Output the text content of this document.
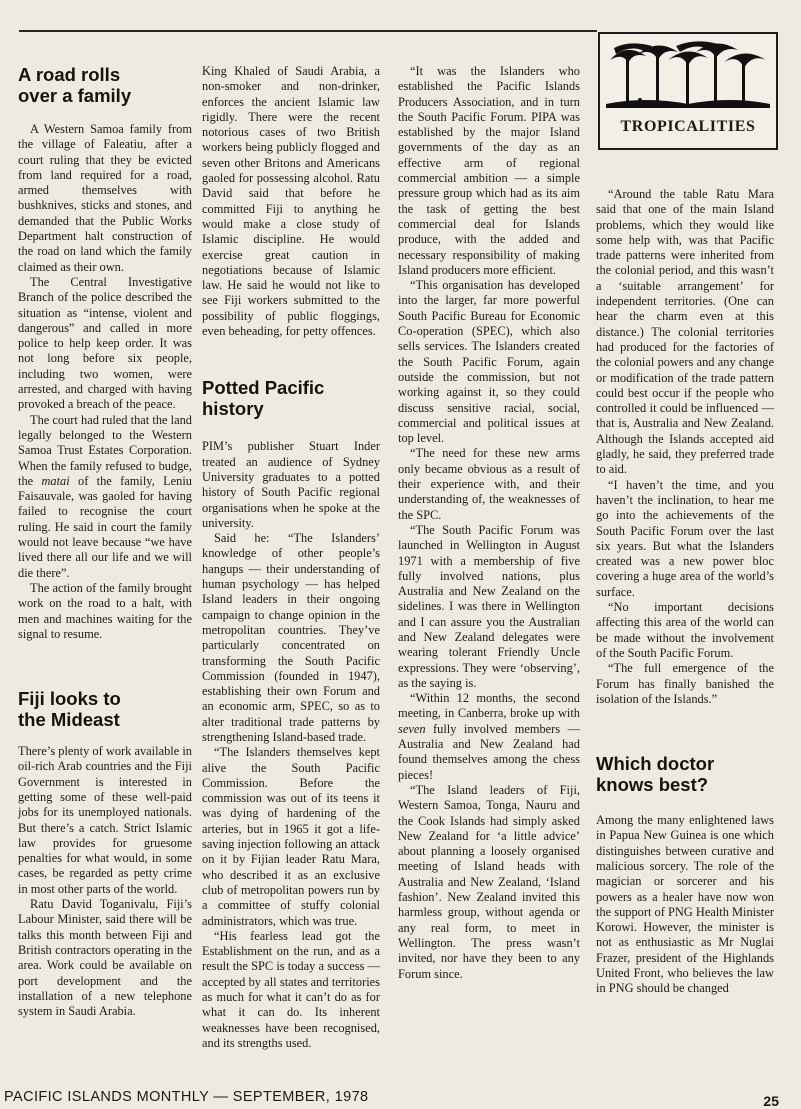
TROPICALITIES
A road rolls over a family

A Western Samoa family from the village of Faleatiu, after a court ruling that they be evicted from land required for a road, armed themselves with bushknives, sticks and stones, and demanded that the Public Works Department halt construction of the road on land which the family claimed as their own.

The Central Investigative Branch of the police described the situation as “intense, violent and dangerous” and called in more police to help keep order. It was not long before six people, including two women, were arrested, and charged with having provoked a breach of the peace.

The court had ruled that the land legally belonged to the Western Samoa Trust Estates Corporation. When the family refused to budge, the matai of the family, Leniu Faisauvale, was gaoled for having failed to recognise the court ruling. He said in court the family would not leave because “we have lived there all our life and we will die there”.

The action of the family brought work on the road to a halt, with men and machines waiting for the signal to resume.

Fiji looks to the Mideast

There’s plenty of work available in oil-rich Arab countries and the Fiji Government is interested in getting some of these well-paid jobs for its unemployed nationals. But there’s a catch. Strict Islamic law provides for gruesome penalties for what would, in some cases, be regarded as petty crime in most other parts of the world.

Ratu David Toganivalu, Fiji’s Labour Minister, said there will be talks this month between Fiji and British contractors operating in the area. Work could be available on port development and the installation of a new telephone system in Saudi Arabia.

King Khaled of Saudi Arabia, a non-smoker and non-drinker, enforces the ancient Islamic law rigidly. There were the recent notorious cases of two British workers being publicly flogged and seven other Britons and Americans gaoled for possessing alcohol. Ratu David said that before he committed Fiji to anything he would make a close study of Islamic discipline. He would exercise great caution in negotiations because of Islamic law. He said he would not like to see Fiji workers submitted to the possibility of public floggings, even beheading, for petty offences.

Potted Pacific history

PIM’s publisher Stuart Inder treated an audience of Sydney University graduates to a potted history of South Pacific regional organisations when he spoke at the university.

Said he: “The Islanders’ knowledge of other people’s hangups — their understanding of human psychology — has helped Island leaders in their ongoing campaign to change opinion in the metropolitan countries. They’ve particularly concentrated on transforming the South Pacific Commission (founded in 1947), establishing their own Forum and an economic arm, SPEC, so as to alter traditional trade patterns by strengthening Island-based trade.

“The Islanders themselves kept alive the South Pacific Commission. Before the commission was out of its teens it was dying of hardening of the arteries, but in 1965 it got a life-saving injection following an attack on it by Fijian leader Ratu Mara, who described it as an exclusive club of metropolitan powers run by a committee of stuffy colonial administrators, which was true.

“His fearless lead got the Establishment on the run, and as a result the SPC is today a success — accepted by all states and territories as much for what it can’t do as for what it can do. Its inherent weaknesses have been recognised, and its strengths used.

“It was the Islanders who established the Pacific Islands Producers Association, and in turn the South Pacific Forum. PIPA was established by the major Island governments of the day as an effective arm of regional commercial ambition — a simple pressure group which had as its aim the task of getting the best commercial deal for Islands produce, with the added and necessary responsibility of making Island producers more efficient.

“This organisation has developed into the larger, far more powerful South Pacific Bureau for Economic Co-operation (SPEC), which also sells services. The Islanders created the South Pacific Forum, again outside the commission, but not working against it, so they could discuss sensitive racial, social, commercial and political issues at top level.

“The need for these new arms only became obvious as a result of their experience with, and their understanding of, the weaknesses of the SPC.

“The South Pacific Forum was launched in Wellington in August 1971 with a membership of five fully involved nations, plus Australia and New Zealand on the sidelines. I was there in Wellington and I can assure you the Australian and New Zealand delegates were wearing tolerant Friendly Uncle expressions. They were ‘observing’, as the saying is.

“Within 12 months, the second meeting, in Canberra, broke up with seven fully involved members — Australia and New Zealand had found themselves among the chess pieces!

“The Island leaders of Fiji, Western Samoa, Tonga, Nauru and the Cook Islands had simply asked New Zealand for ‘a little advice’ about planning a loosely organised meeting of Island heads with Australia and New Zealand, ‘Island fashion’. New Zealand invited this harmless group, without agenda or any real form, to meet in Wellington. The press wasn’t invited, nor have they been to any Forum since.

“Around the table Ratu Mara said that one of the main Island problems, which they would like some help with, was that Pacific trade patterns were inherited from the colonial period, and this wasn’t a ‘suitable arrangement’ for independent territories. (One can hear the charm even at this distance.) The colonial territories had produced for the factories of the colonial powers and any change or modification of the trade pattern could best occur if the people who controlled it could be influenced — that is, Australia and New Zealand. Although the Islands accepted aid gladly, he said, they preferred trade to aid.

“I haven’t the time, and you haven’t the inclination, to hear me go into the achievements of the South Pacific Forum over the last six years. But what the Islanders created was a new power bloc covering a huge area of the world’s surface.

“No important decisions affecting this area of the world can be made without the involvement of the South Pacific Forum.

“The full emergence of the Forum has finally banished the isolation of the Islands.”

Which doctor knows best?

Among the many enlightened laws in Papua New Guinea is one which distinguishes between curative and malicious sorcery. The role of the magician or sorcerer and his powers as a healer have now won the support of PNG Health Minister Korowi. However, the minister is not as enthusiastic as Mr Nuglai Frazer, president of the Highlands United Front, who believes the law in PNG should be changed

PACIFIC ISLANDS MONTHLY — SEPTEMBER, 1978	25
